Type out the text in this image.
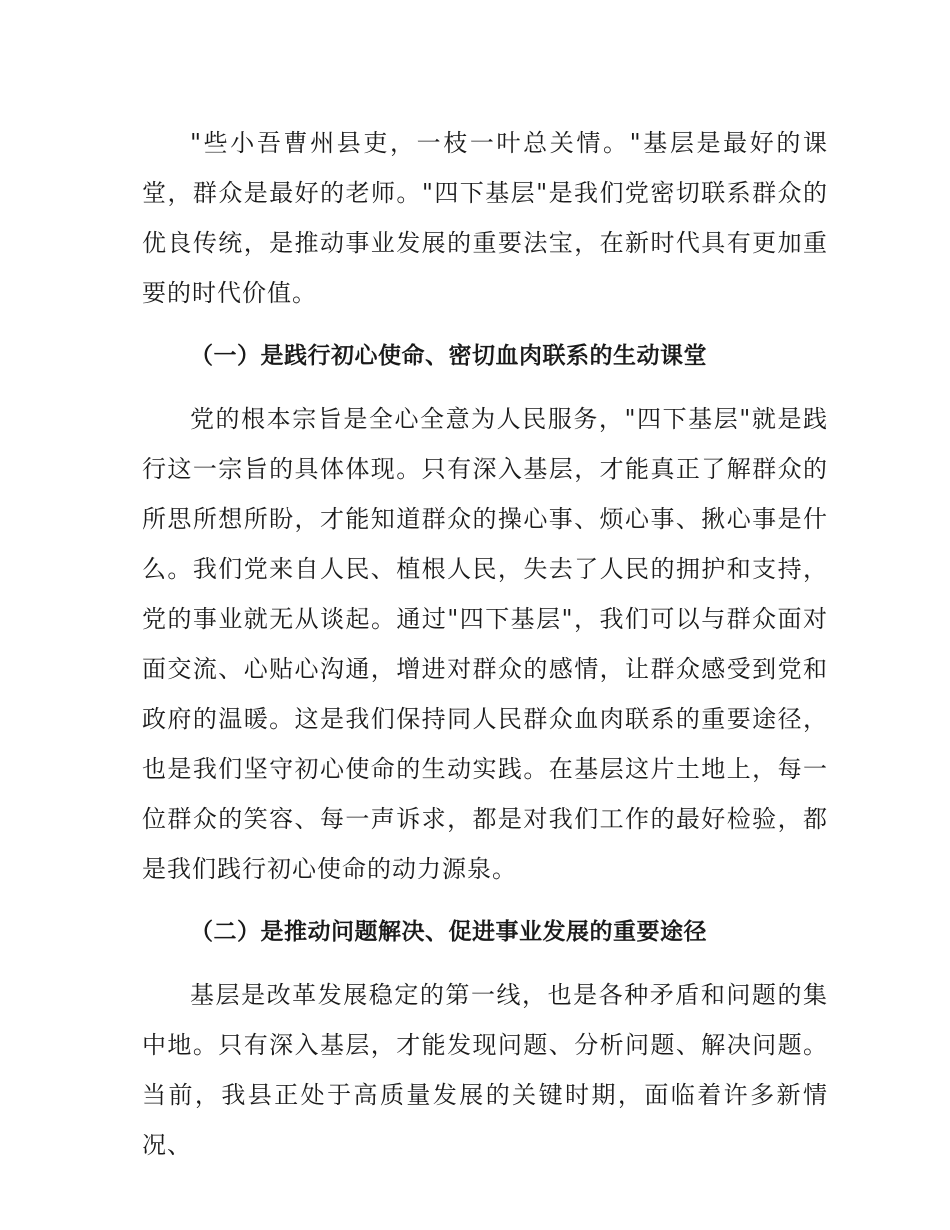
"些小吾曹州县吏，一枝一叶总关情。"基层是最好的课堂，群众是最好的老师。"四下基层"是我们党密切联系群众的优良传统，是推动事业发展的重要法宝，在新时代具有更加重要的时代价值。

（一）是践行初心使命、密切血肉联系的生动课堂

党的根本宗旨是全心全意为人民服务，"四下基层"就是践行这一宗旨的具体体现。只有深入基层，才能真正了解群众的所思所想所盼，才能知道群众的操心事、烦心事、揪心事是什么。我们党来自人民、植根人民，失去了人民的拥护和支持，党的事业就无从谈起。通过"四下基层"，我们可以与群众面对面交流、心贴心沟通，增进对群众的感情，让群众感受到党和政府的温暖。这是我们保持同人民群众血肉联系的重要途径，也是我们坚守初心使命的生动实践。在基层这片土地上，每一位群众的笑容、每一声诉求，都是对我们工作的最好检验，都是我们践行初心使命的动力源泉。

（二）是推动问题解决、促进事业发展的重要途径

基层是改革发展稳定的第一线，也是各种矛盾和问题的集中地。只有深入基层，才能发现问题、分析问题、解决问题。当前，我县正处于高质量发展的关键时期，面临着许多新情况、
